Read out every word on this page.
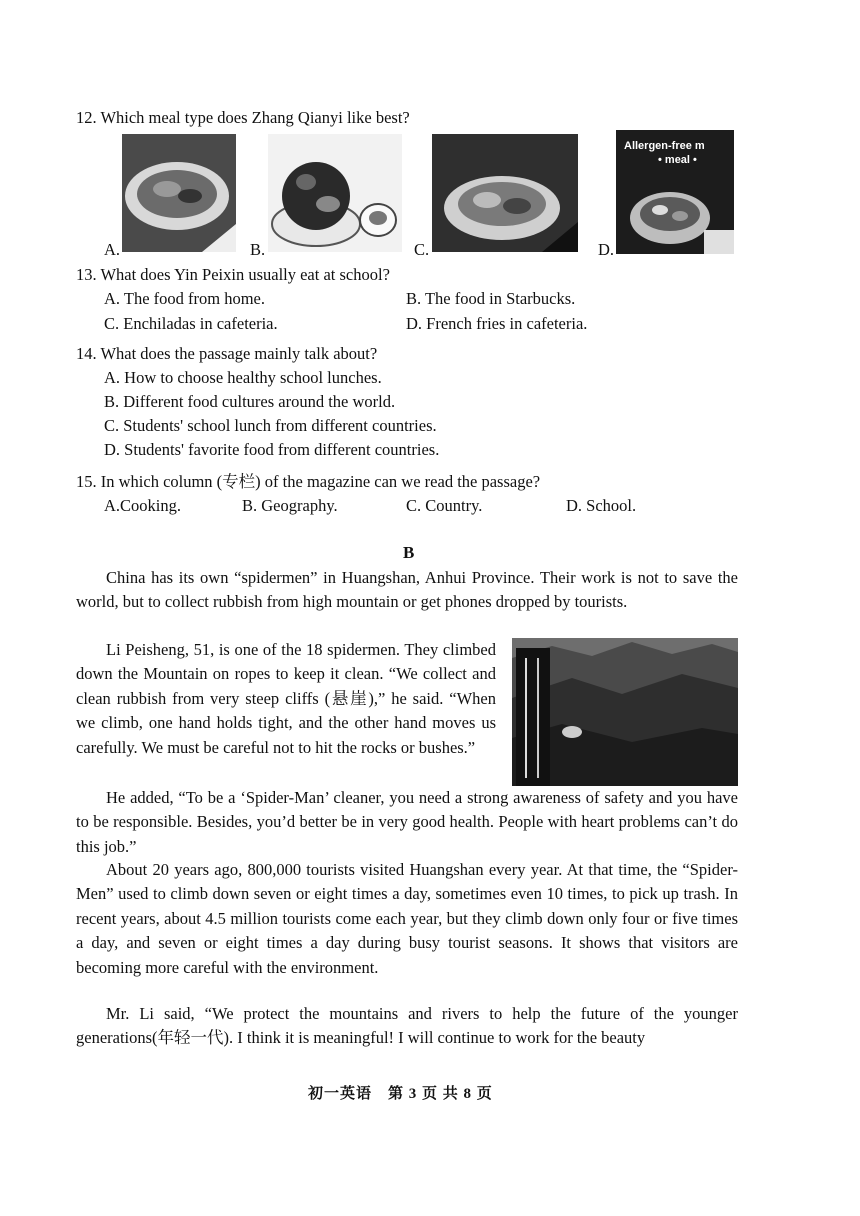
12. Which meal type does Zhang Qianyi like best?
A.	B.	C.
Allergen-free m
• meal •
D.
13. What does Yin Peixin usually eat at school?
A. The food from home.	B. The food in Starbucks.
C. Enchiladas in cafeteria.	D. French fries in cafeteria.
14. What does the passage mainly talk about?
A. How to choose healthy school lunches.
B. Different food cultures around the world.
C. Students' school lunch from different countries.
D. Students' favorite food from different countries.
15. In which column (专栏) of the magazine can we read the passage?
A.Cooking.	B. Geography.	C. Country.	D. School.
B
China has its own “spidermen” in Huangshan, Anhui Province. Their work is not to save the world, but to collect rubbish from high mountain or get phones dropped by tourists.
Li Peisheng, 51, is one of the 18 spidermen. They climbed down the Mountain on ropes to keep it clean. “We collect and clean rubbish from very steep cliffs (悬崖),” he said. “When we climb, one hand holds tight, and the other hand moves us carefully. We must be careful not to hit the rocks or bushes.”
He added, “To be a ‘Spider-Man’ cleaner, you need a strong awareness of safety and you have to be responsible. Besides, you’d better be in very good health. People with heart problems can’t do this job.”
About 20 years ago, 800,000 tourists visited Huangshan every year. At that time, the “Spider-Men” used to climb down seven or eight times a day, sometimes even 10 times, to pick up trash. In recent years, about 4.5 million tourists come each year, but they climb down only four or five times a day, and seven or eight times a day during busy tourist seasons. It shows that visitors are becoming more careful with the environment.
Mr. Li said, “We protect the mountains and rivers to help the future of the younger generations(年轻一代). I think it is meaningful! I will continue to work for the beauty
初一英语　第 3 页 共 8 页
